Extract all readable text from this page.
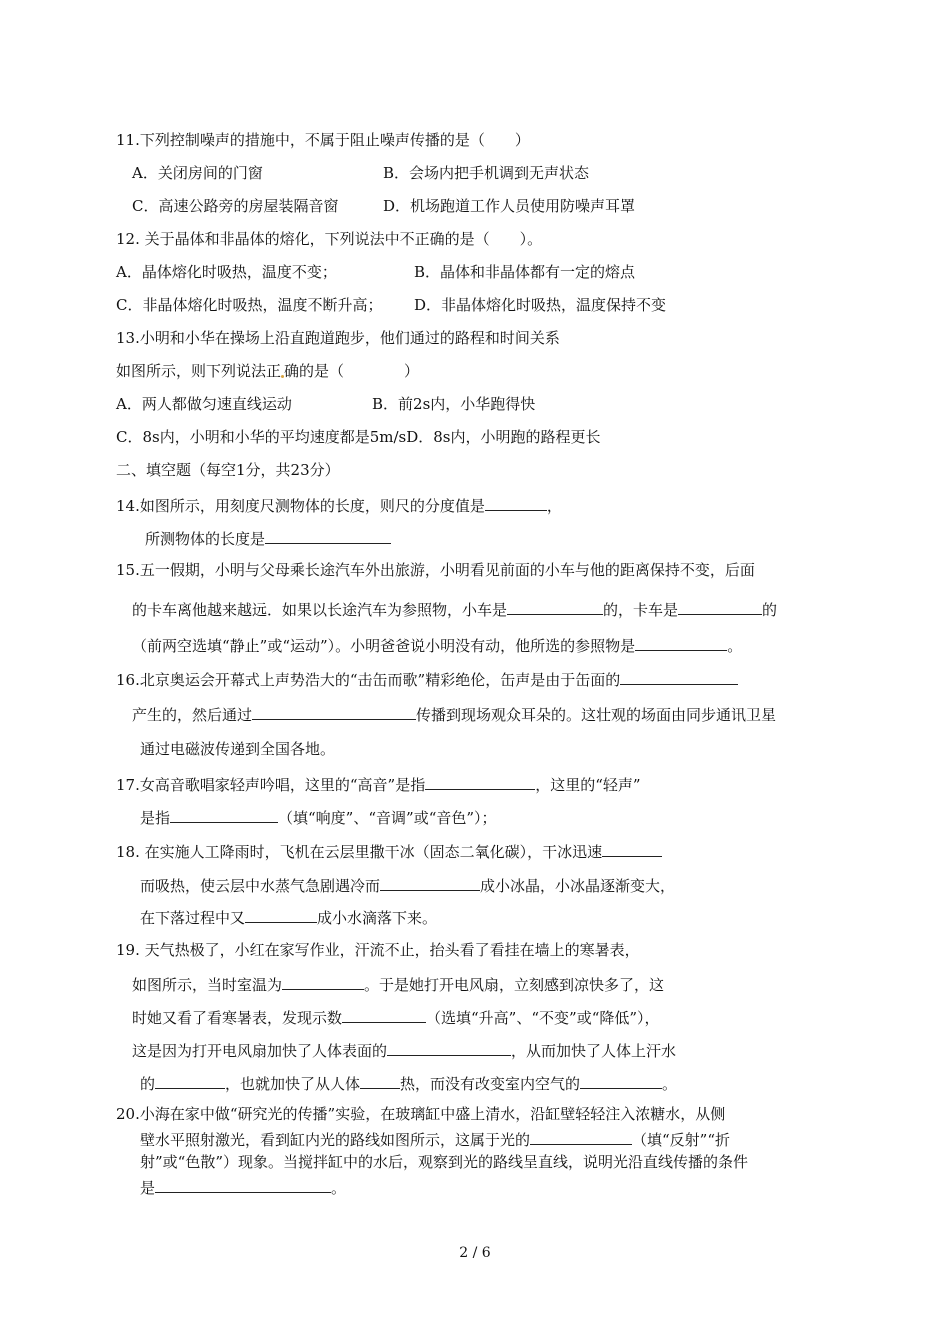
11.下列控制噪声的措施中，不属于阻止噪声传播的是（　　）
A．关闭房间的门窗	B．会场内把手机调到无声状态
C．高速公路旁的房屋装隔音窗	D．机场跑道工作人员使用防噪声耳罩
12. 关于晶体和非晶体的熔化，下列说法中不正确的是（　　）。
A．晶体熔化时吸热，温度不变；	B．晶体和非晶体都有一定的熔点
C．非晶体熔化时吸热，温度不断升高； D．非晶体熔化时吸热，温度保持不变
13.小明和小华在操场上沿直跑道跑步，他们通过的路程和时间关系
如图所示，则下列说法正 确的是（　　　　）
A．两人都做匀速直线运动	B．前2s内，小华跑得快
C．8s内，小明和小华的平均速度都是5m/sD．8s内，小明跑的路程更长
二、填空题（每空1分，共23分）
14.如图所示，用刻度尺测物体的长度，则尺的分度值是	，
所测物体的长度是
15.五一假期，小明与父母乘长途汽车外出旅游，小明看见前面的小车与他的距离保持不变，后面
的卡车离他越来越远．如果以长途汽车为参照物，小车是	的，卡车是	的
（前两空选填“静止”或“运动”）。小明爸爸说小明没有动，他所选的参照物是	。
16.北京奥运会开幕式上声势浩大的“击缶而歌”精彩绝伦，缶声是由于缶面的
产生的，然后通过	传播到现场观众耳朵的。这壮观的场面由同步通讯卫星
通过电磁波传递到全国各地。
17.女高音歌唱家轻声吟唱，这里的“高音”是指	，这里的“轻声”
是指	（填“响度”、“音调”或“音色”）；
18. 在实施人工降雨时，飞机在云层里撒干冰（固态二氧化碳），干冰迅速
而吸热，使云层中水蒸气急剧遇冷而	成小冰晶，小冰晶逐渐变大，
在下落过程中又	成小水滴落下来。
19. 天气热极了，小红在家写作业，汗流不止，抬头看了看挂在墙上的寒暑表，
如图所示，当时室温为	。于是她打开电风扇，立刻感到凉快多了，这
时她又看了看寒暑表，发现示数	（选填“升高”、“不变”或“降低”），
这是因为打开电风扇加快了人体表面的	，从而加快了人体上汗水
的	，也就加快了从人体	热，而没有改变室内空气的	。
20.小海在家中做“研究光的传播”实验，在玻璃缸中盛上清水，沿缸壁轻轻注入浓糖水，从侧
壁水平照射激光，看到缸内光的路线如图所示，这属于光的	（填“反射”“折
射”或“色散”）现象。当搅拌缸中的水后，观察到光的路线呈直线，说明光沿直线传播的条件
是	。
2 / 6
